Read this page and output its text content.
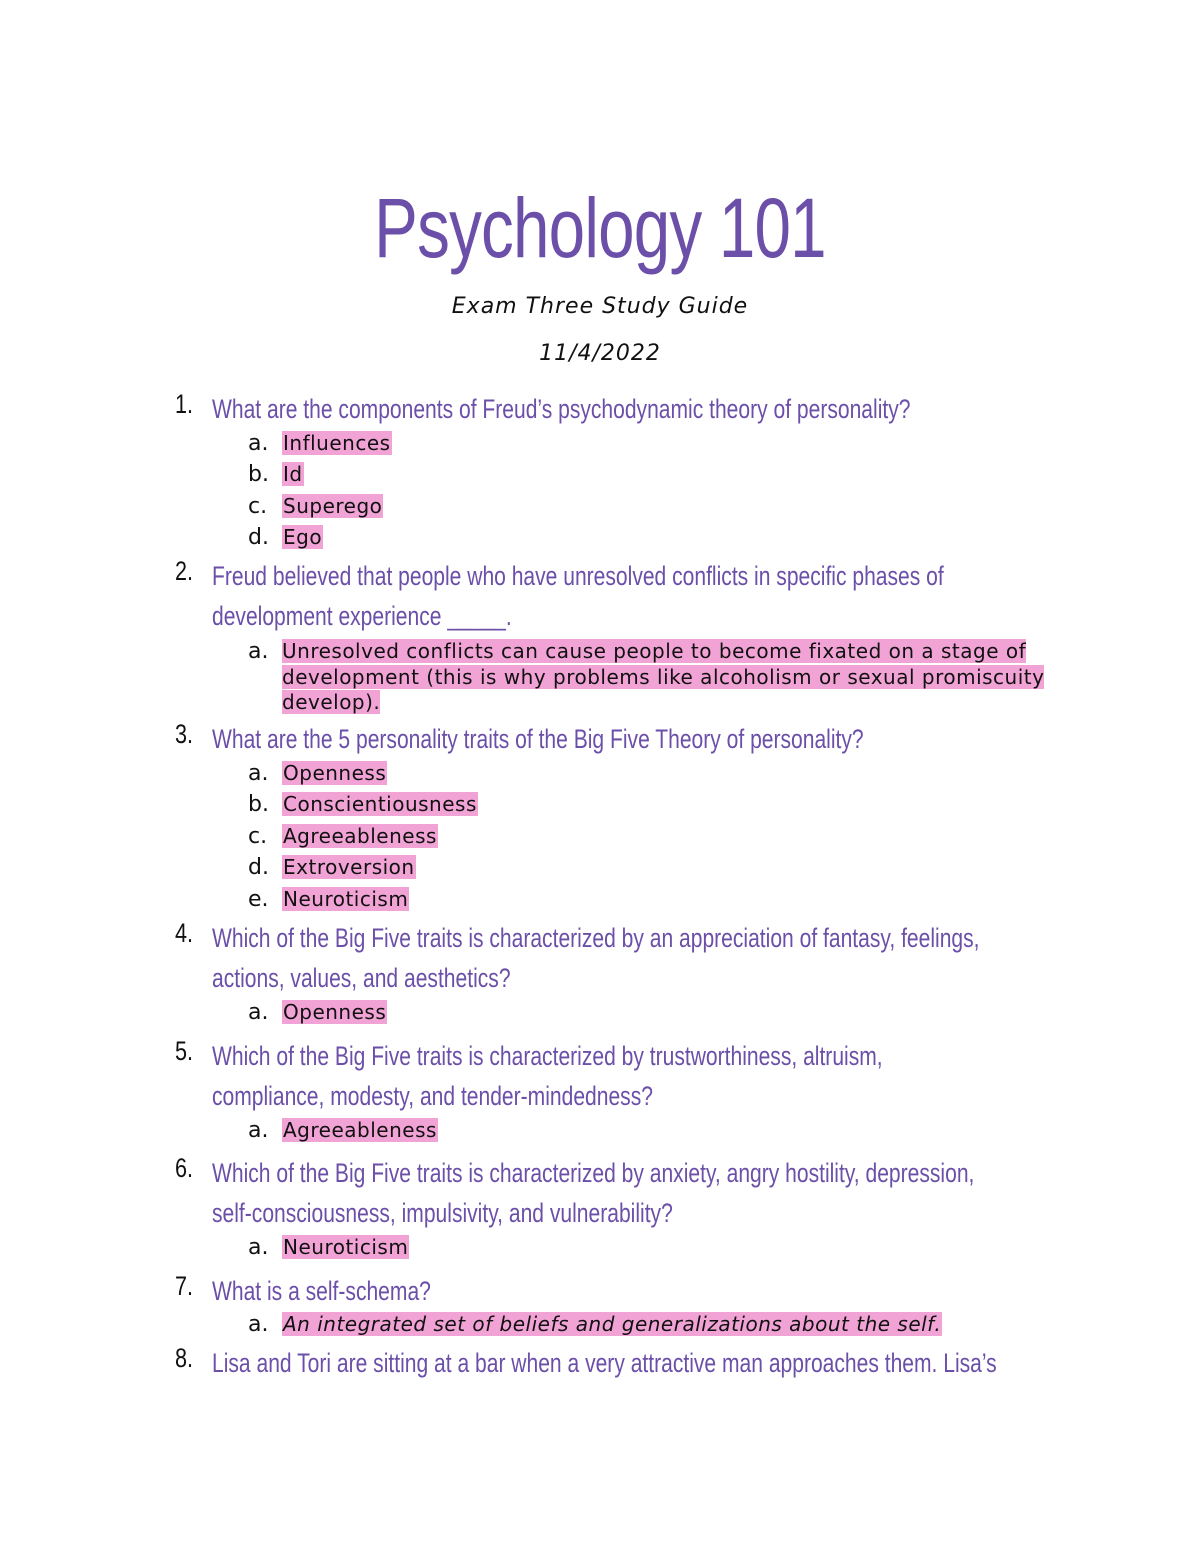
Psychology 101
Exam Three Study Guide
11/4/2022
1. What are the components of Freud’s psychodynamic theory of personality?
a. Influences
b. Id
c. Superego
d. Ego
2. Freud believed that people who have unresolved conflicts in specific phases of
development experience _____.
a. Unresolved conflicts can cause people to become fixated on a stage of development (this is why problems like alcoholism or sexual promiscuity develop).
3. What are the 5 personality traits of the Big Five Theory of personality?
a. Openness
b. Conscientiousness
c. Agreeableness
d. Extroversion
e. Neuroticism
4. Which of the Big Five traits is characterized by an appreciation of fantasy, feelings,
actions, values, and aesthetics?
a. Openness
5. Which of the Big Five traits is characterized by trustworthiness, altruism,
compliance, modesty, and tender-mindedness?
a. Agreeableness
6. Which of the Big Five traits is characterized by anxiety, angry hostility, depression,
self-consciousness, impulsivity, and vulnerability?
a. Neuroticism
7. What is a self-schema?
a. An integrated set of beliefs and generalizations about the self.
8. Lisa and Tori are sitting at a bar when a very attractive man approaches them. Lisa’s
